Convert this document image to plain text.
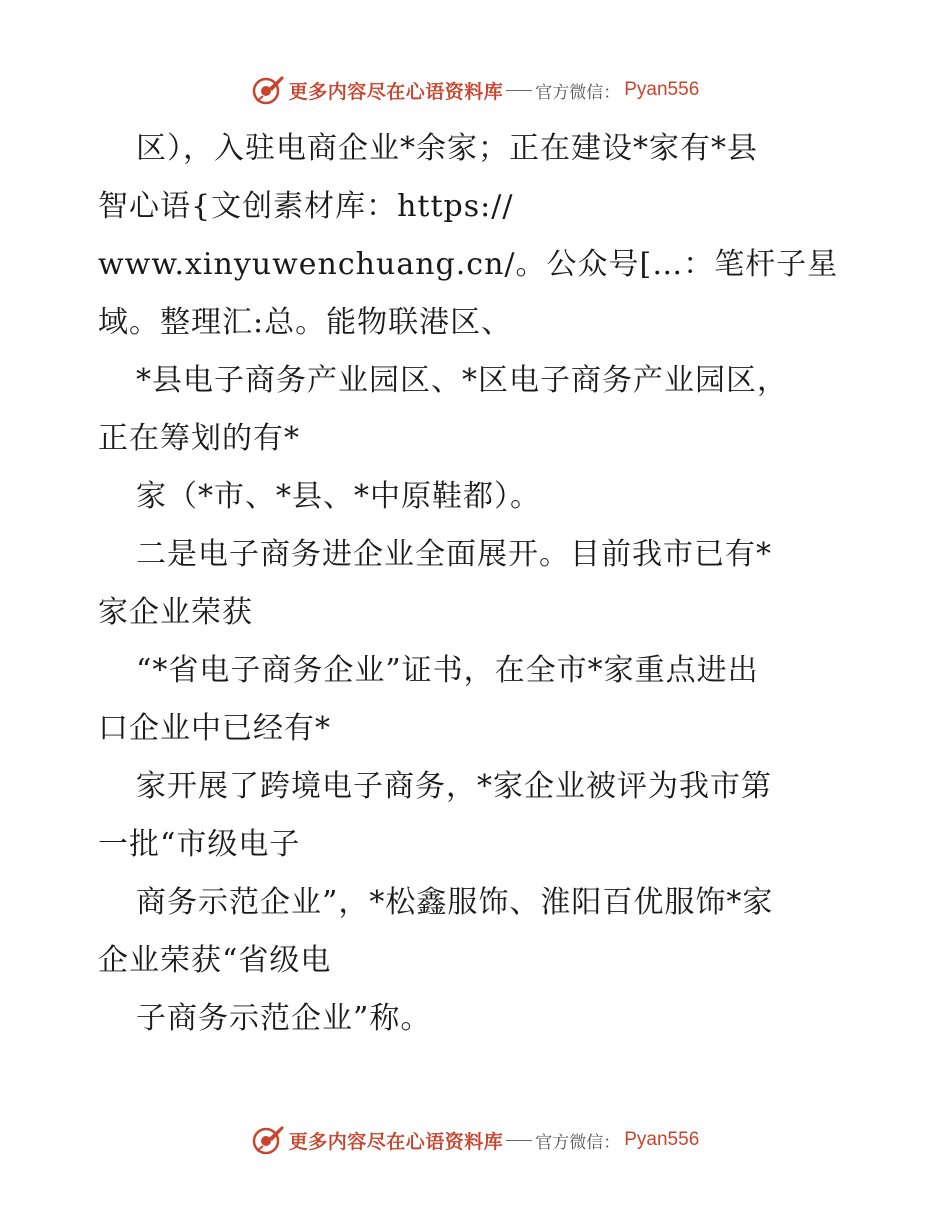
更多内容尽在心语资料库 官方微信： Pyan556
区），入驻电商企业*余家；正在建设*家有*县
智心语{文创素材库：https://
www.xinyuwenchuang.cn/。公众号[…：笔杆子星
域。整理汇:总。能物联港区、
*县电子商务产业园区、*区电子商务产业园区，
正在筹划的有*
家（*市、*县、*中原鞋都）。
二是电子商务进企业全面展开。目前我市已有*
家企业荣获
“*省电子商务企业”证书，在全市*家重点进出
口企业中已经有*
家开展了跨境电子商务，*家企业被评为我市第
一批“市级电子
商务示范企业”，*松鑫服饰、淮阳百优服饰*家
企业荣获“省级电
子商务示范企业”称。
更多内容尽在心语资料库 官方微信： Pyan556
